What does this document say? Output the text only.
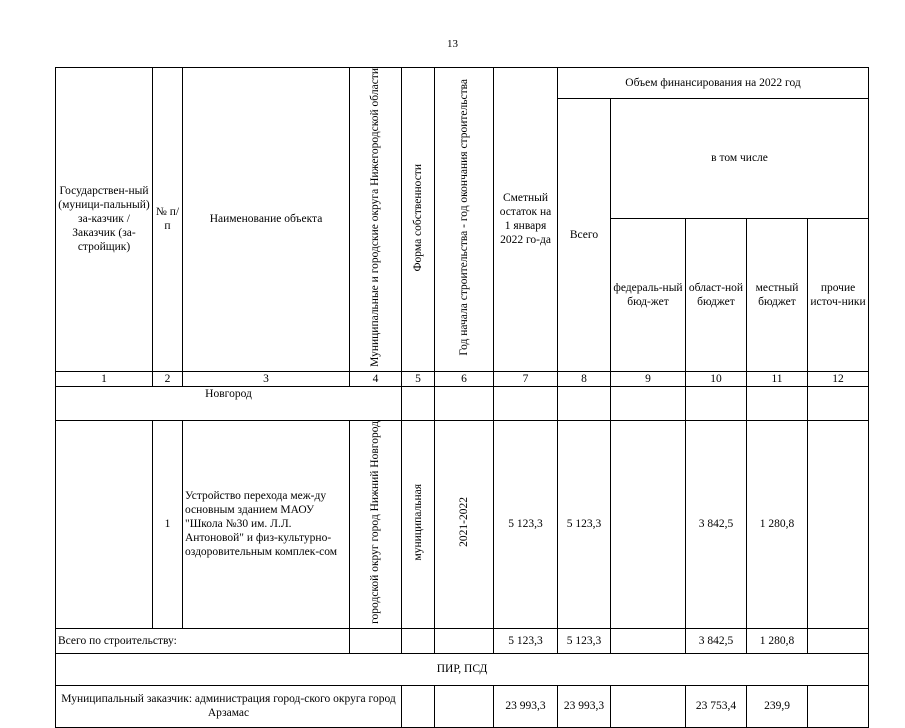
13
Государствен-ный (муници-пальный) за-казчик / Заказчик (за-стройщик)	№ п/п	Наименование объекта	Муниципальные и городские округа Нижегородской области	Форма собственности	Год начала строительства - год окончания строительства	Сметный остаток на 1 января 2022 го-да	Объем финансирования на 2022 год				
							Всего	в том числе			
								федераль-ный бюд-жет	област-ной бюджет	местный бюджет	прочие источ-ники
1	2	3	4	5	6	7	8	9	10	11	12
Новгород											
	1	Устройство перехода меж-ду основным зданием МАОУ "Школа №30 им. Л.Л. Антоновой" и физ-культурно-оздоровительным комплек-сом	городской округ город Нижний Новгород	муниципальная	2021-2022	5 123,3	5 123,3		3 842,5	1 280,8	
Всего по строительству:						5 123,3	5 123,3		3 842,5	1 280,8	
ПИР, ПСД											
Муниципальный заказчик: администрация город-ского округа город Арзамас						23 993,3	23 993,3		23 753,4	239,9	
